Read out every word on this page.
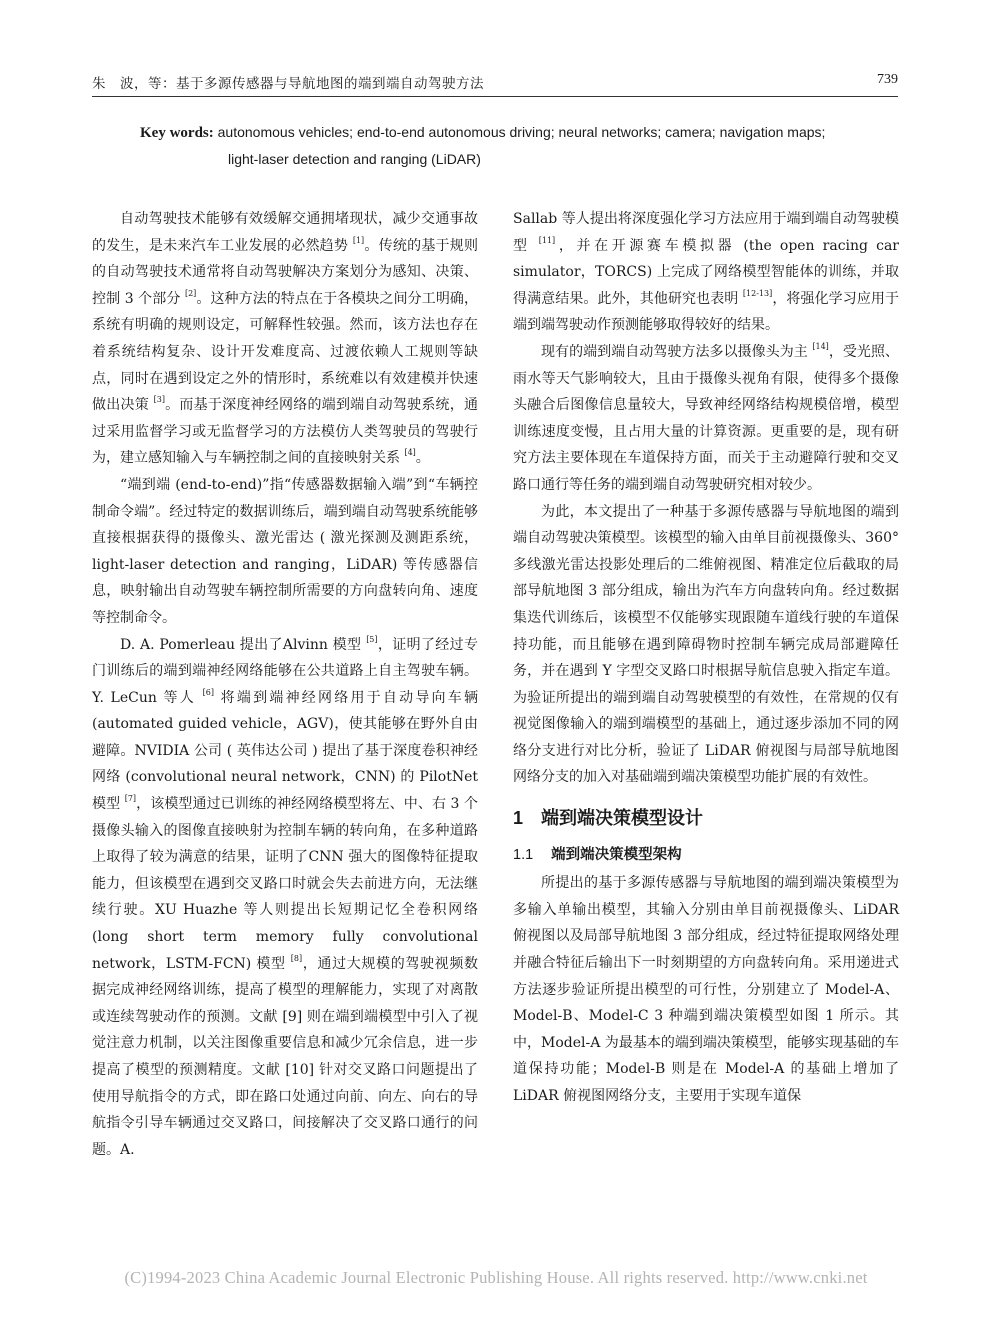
朱　波，等：基于多源传感器与导航地图的端到端自动驾驶方法	739
Key words: autonomous vehicles; end-to-end autonomous driving; neural networks; camera; navigation maps;
light-laser detection and ranging (LiDAR)

自动驾驶技术能够有效缓解交通拥堵现状，减少交通事故的发生，是未来汽车工业发展的必然趋势 [1]。传统的基于规则的自动驾驶技术通常将自动驾驶解决方案划分为感知、决策、控制 3 个部分 [2]。这种方法的特点在于各模块之间分工明确，系统有明确的规则设定，可解释性较强。然而，该方法也存在着系统结构复杂、设计开发难度高、过渡依赖人工规则等缺点，同时在遇到设定之外的情形时，系统难以有效建模并快速做出决策 [3]。而基于深度神经网络的端到端自动驾驶系统，通过采用监督学习或无监督学习的方法模仿人类驾驶员的驾驶行为，建立感知输入与车辆控制之间的直接映射关系 [4]。

“端到端 (end-to-end)”指“传感器数据输入端”到“车辆控制命令端”。经过特定的数据训练后，端到端自动驾驶系统能够直接根据获得的摄像头、激光雷达 ( 激光探测及测距系统，light-laser detection and ranging，LiDAR) 等传感器信息，映射输出自动驾驶车辆控制所需要的方向盘转向角、速度等控制命令。

D. A. Pomerleau 提出了Alvinn 模型 [5]，证明了经过专门训练后的端到端神经网络能够在公共道路上自主驾驶车辆。Y. LeCun 等人 [6] 将端到端神经网络用于自动导向车辆 (automated guided vehicle，AGV)，使其能够在野外自由避障。NVIDIA 公司 ( 英伟达公司 ) 提出了基于深度卷积神经网络 (convolutional neural network，CNN) 的 PilotNet 模型 [7]，该模型通过已训练的神经网络模型将左、中、右 3 个摄像头输入的图像直接映射为控制车辆的转向角，在多种道路上取得了较为满意的结果，证明了CNN 强大的图像特征提取能力，但该模型在遇到交叉路口时就会失去前进方向，无法继续行驶。XU Huazhe 等人则提出长短期记忆全卷积网络 (long short term memory fully convolutional network，LSTM-FCN) 模型 [8]，通过大规模的驾驶视频数据完成神经网络训练，提高了模型的理解能力，实现了对离散或连续驾驶动作的预测。文献 [9] 则在端到端模型中引入了视觉注意力机制，以关注图像重要信息和减少冗余信息，进一步提高了模型的预测精度。文献 [10] 针对交叉路口问题提出了使用导航指令的方式，即在路口处通过向前、向左、向右的导航指令引导车辆通过交叉路口，间接解决了交叉路口通行的问题。A.

Sallab 等人提出将深度强化学习方法应用于端到端自动驾驶模型 [11]，并在开源赛车模拟器 (the open racing car simulator，TORCS) 上完成了网络模型智能体的训练，并取得满意结果。此外，其他研究也表明 [12-13]，将强化学习应用于端到端驾驶动作预测能够取得较好的结果。

现有的端到端自动驾驶方法多以摄像头为主 [14]，受光照、雨水等天气影响较大，且由于摄像头视角有限，使得多个摄像头融合后图像信息量较大，导致神经网络结构规模倍增，模型训练速度变慢，且占用大量的计算资源。更重要的是，现有研究方法主要体现在车道保持方面，而关于主动避障行驶和交叉路口通行等任务的端到端自动驾驶研究相对较少。

为此，本文提出了一种基于多源传感器与导航地图的端到端自动驾驶决策模型。该模型的输入由单目前视摄像头、360° 多线激光雷达投影处理后的二维俯视图、精准定位后截取的局部导航地图 3 部分组成，输出为汽车方向盘转向角。经过数据集迭代训练后，该模型不仅能够实现跟随车道线行驶的车道保持功能，而且能够在遇到障碍物时控制车辆完成局部避障任务，并在遇到 Y 字型交叉路口时根据导航信息驶入指定车道。为验证所提出的端到端自动驾驶模型的有效性，在常规的仅有视觉图像输入的端到端模型的基础上，通过逐步添加不同的网络分支进行对比分析，验证了 LiDAR 俯视图与局部导航地图网络分支的加入对基础端到端决策模型功能扩展的有效性。

1 端到端决策模型设计
1.1 端到端决策模型架构

所提出的基于多源传感器与导航地图的端到端决策模型为多输入单输出模型，其输入分别由单目前视摄像头、LiDAR 俯视图以及局部导航地图 3 部分组成，经过特征提取网络处理并融合特征后输出下一时刻期望的方向盘转向角。采用递进式方法逐步验证所提出模型的可行性，分别建立了 Model-A、Model-B、Model-C 3 种端到端决策模型如图 1 所示。其中，Model-A 为最基本的端到端决策模型，能够实现基础的车道保持功能；Model-B 则是在 Model-A 的基础上增加了 LiDAR 俯视图网络分支，主要用于实现车道保

(C)1994-2023 China Academic Journal Electronic Publishing House. All rights reserved. http://www.cnki.net
